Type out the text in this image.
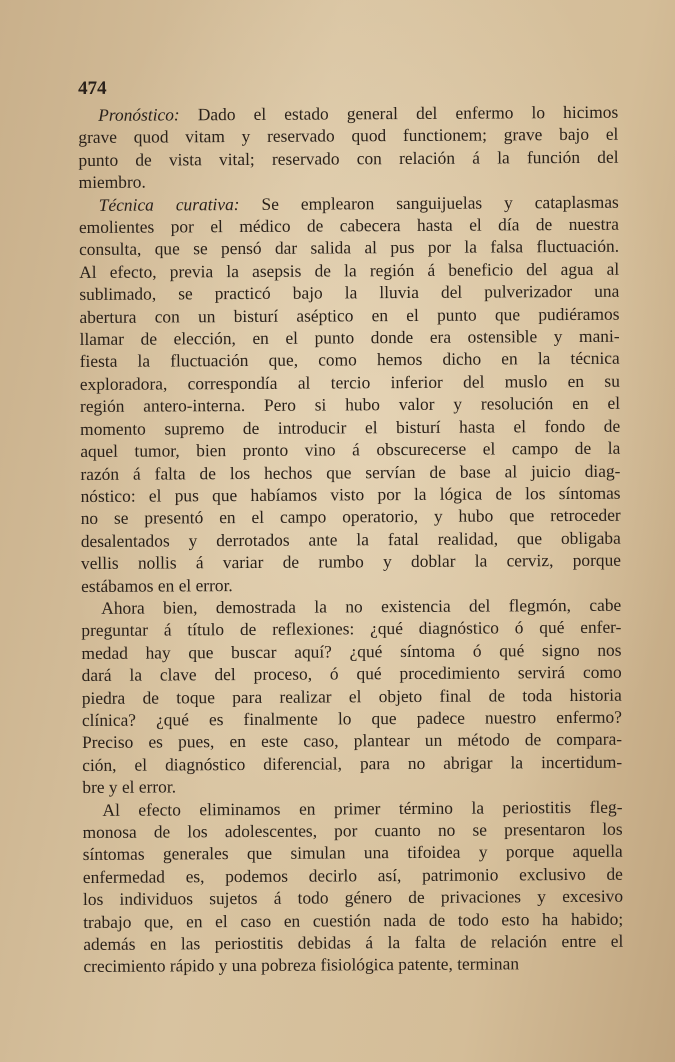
474
Pronóstico: Dado el estado general del enfermo lo hicimos
grave quod vitam y reservado quod functionem; grave bajo el
punto de vista vital; reservado con relación á la función del
miembro.
Técnica curativa: Se emplearon sanguijuelas y cataplasmas
emolientes por el médico de cabecera hasta el día de nuestra
consulta, que se pensó dar salida al pus por la falsa fluctuación.
Al efecto, previa la asepsis de la región á beneficio del agua al
sublimado, se practicó bajo la lluvia del pulverizador una
abertura con un bisturí aséptico en el punto que pudiéramos
llamar de elección, en el punto donde era ostensible y mani-
fiesta la fluctuación que, como hemos dicho en la técnica
exploradora, correspondía al tercio inferior del muslo en su
región antero-interna. Pero si hubo valor y resolución en el
momento supremo de introducir el bisturí hasta el fondo de
aquel tumor, bien pronto vino á obscurecerse el campo de la
razón á falta de los hechos que servían de base al juicio diag-
nóstico: el pus que habíamos visto por la lógica de los síntomas
no se presentó en el campo operatorio, y hubo que retroceder
desalentados y derrotados ante la fatal realidad, que obligaba
vellis nollis á variar de rumbo y doblar la cerviz, porque
estábamos en el error.
Ahora bien, demostrada la no existencia del flegmón, cabe
preguntar á título de reflexiones: ¿qué diagnóstico ó qué enfer-
medad hay que buscar aquí? ¿qué síntoma ó qué signo nos
dará la clave del proceso, ó qué procedimiento servirá como
piedra de toque para realizar el objeto final de toda historia
clínica? ¿qué es finalmente lo que padece nuestro enfermo?
Preciso es pues, en este caso, plantear un método de compara-
ción, el diagnóstico diferencial, para no abrigar la incertidum-
bre y el error.
Al efecto eliminamos en primer término la periostitis fleg-
monosa de los adolescentes, por cuanto no se presentaron los
síntomas generales que simulan una tifoidea y porque aquella
enfermedad es, podemos decirlo así, patrimonio exclusivo de
los individuos sujetos á todo género de privaciones y excesivo
trabajo que, en el caso en cuestión nada de todo esto ha habido;
además en las periostitis debidas á la falta de relación entre el
crecimiento rápido y una pobreza fisiológica patente, terminan
